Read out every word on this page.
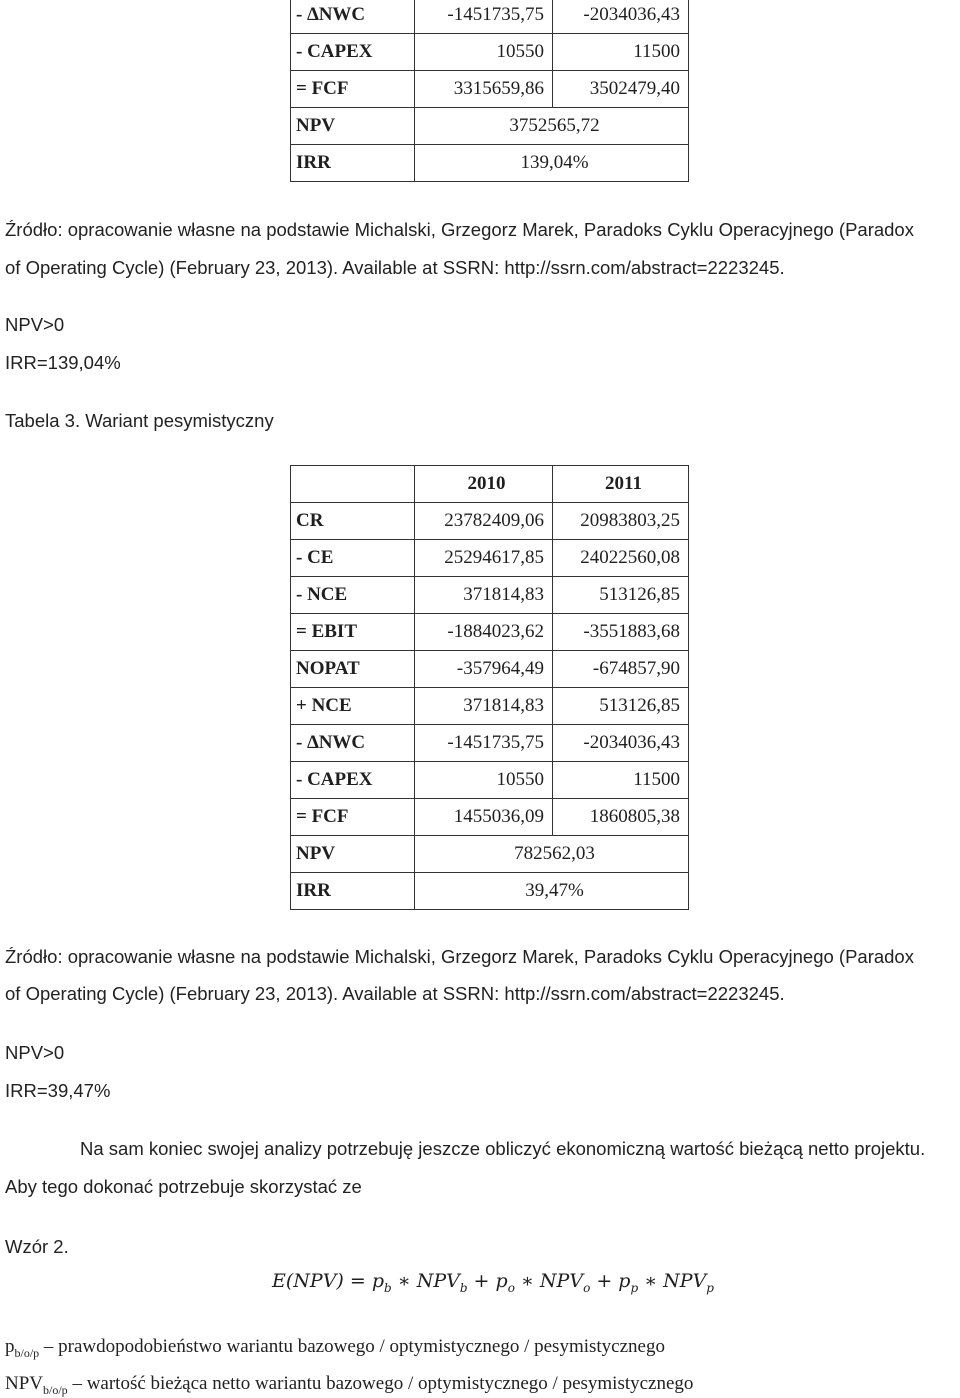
- ∆NWC	-1451735,75	-2034036,43
- CAPEX	10550	11500
= FCF	3315659,86	3502479,40
NPV	3752565,72	
IRR	139,04%	
Źródło: opracowanie własne na podstawie Michalski, Grzegorz Marek, Paradoks Cyklu Operacyjnego (Paradox
of Operating Cycle) (February 23, 2013). Available at SSRN: http://ssrn.com/abstract=2223245.
NPV>0
IRR=139,04%
Tabela 3. Wariant pesymistyczny
	2010	2011
CR	23782409,06	20983803,25
- CE	25294617,85	24022560,08
- NCE	371814,83	513126,85
= EBIT	-1884023,62	-3551883,68
NOPAT	-357964,49	-674857,90
+ NCE	371814,83	513126,85
- ∆NWC	-1451735,75	-2034036,43
- CAPEX	10550	11500
= FCF	1455036,09	1860805,38
NPV	782562,03	
IRR	39,47%	
Źródło: opracowanie własne na podstawie Michalski, Grzegorz Marek, Paradoks Cyklu Operacyjnego (Paradox
of Operating Cycle) (February 23, 2013). Available at SSRN: http://ssrn.com/abstract=2223245.
NPV>0
IRR=39,47%
Na sam koniec swojej analizy potrzebuję jeszcze obliczyć ekonomiczną wartość bieżącą netto projektu.
Aby tego dokonać potrzebuje skorzystać ze
Wzór 2.
$E(NPV) = p_b$ ∗ $NPV_b + p_o$ ∗ $NPV_o + p_p$ ∗ $NPV_p$
$p_{b/o/p}$ – prawdopodobieństwo wariantu bazowego / optymistycznego / pesymistycznego
$NPV_{b/o/p}$ – wartość bieżąca netto wariantu bazowego / optymistycznego / pesymistycznego
